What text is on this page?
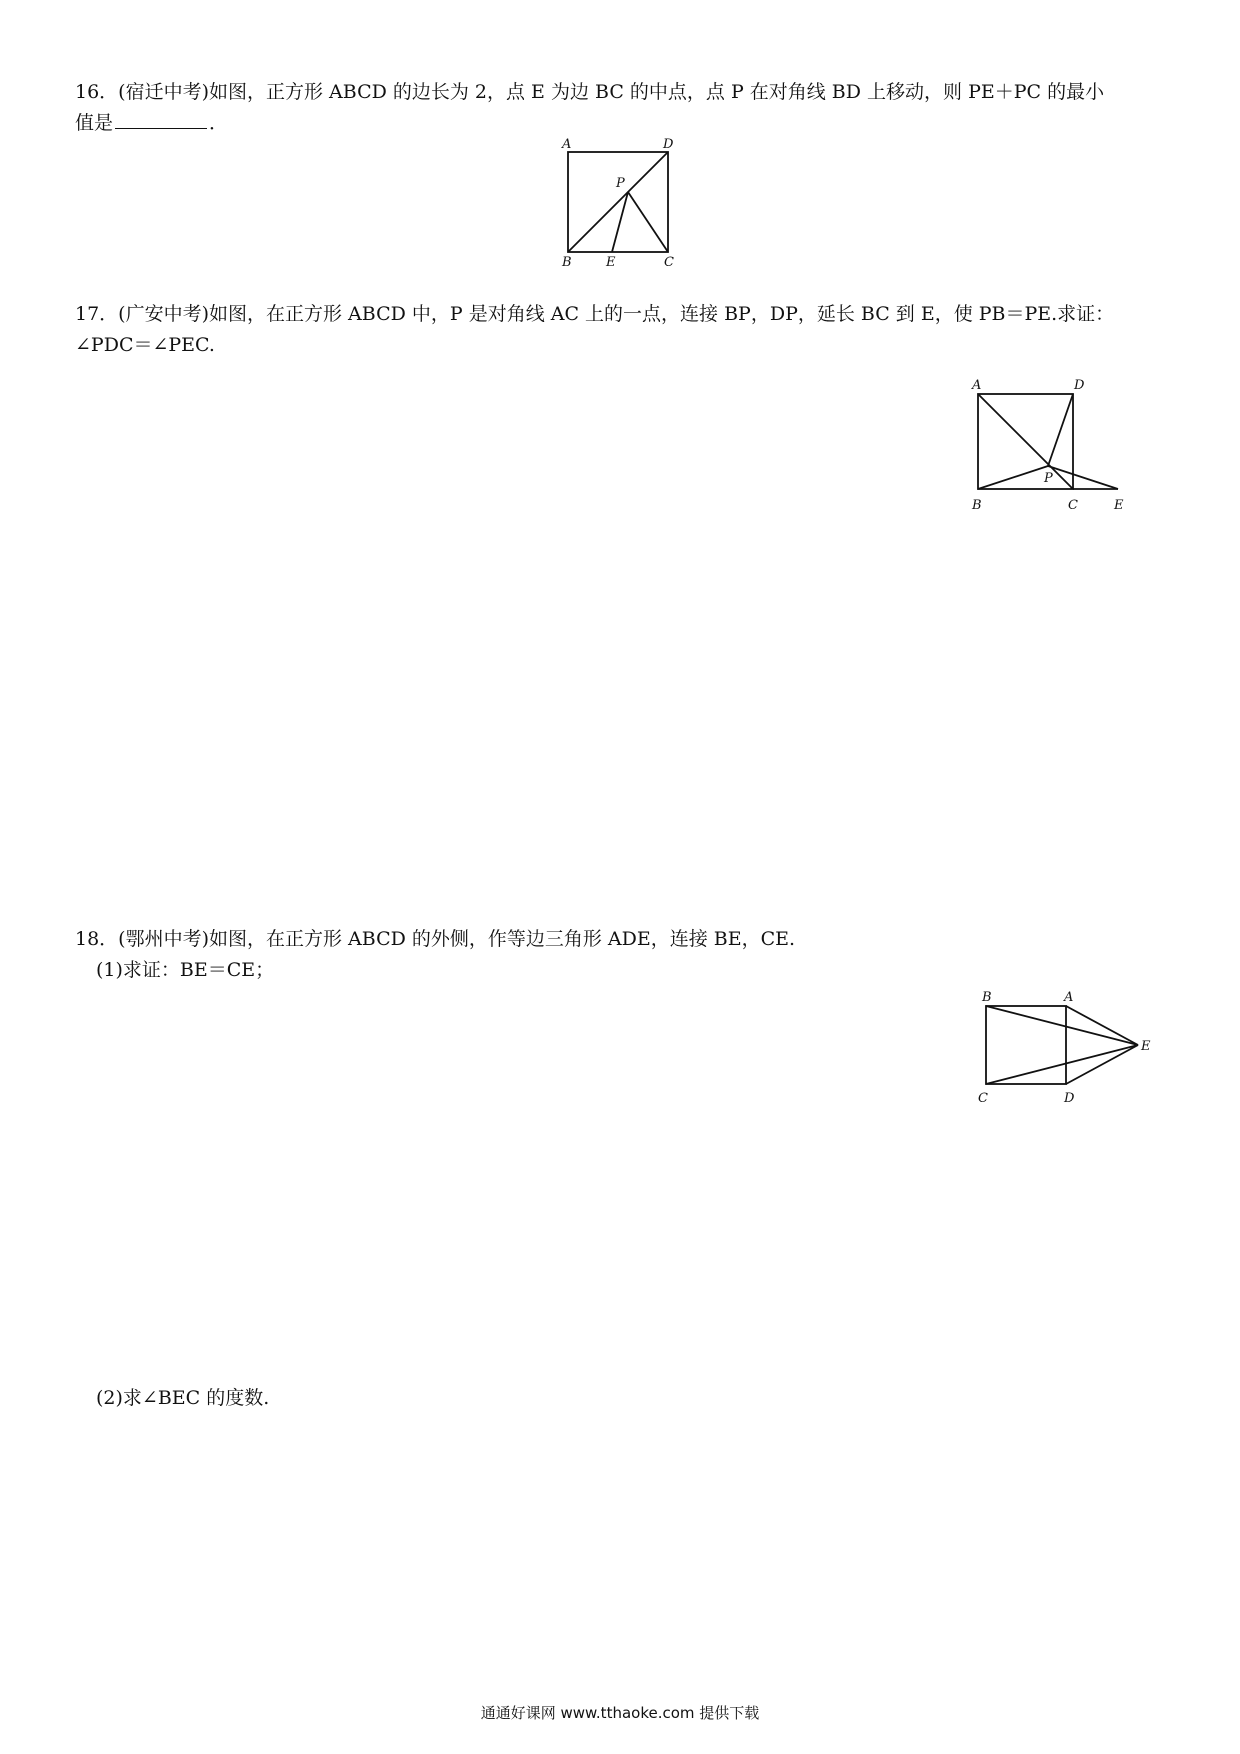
16．(宿迁中考)如图，正方形 ABCD 的边长为 2，点 E 为边 BC 的中点，点 P 在对角线 BD 上移动，则 PE＋PC 的最小
值是	．
A	D
P
B	E	C
17．(广安中考)如图，在正方形 ABCD 中，P 是对角线 AC 上的一点，连接 BP，DP，延长 BC 到 E，使 PB＝PE.求证：
∠PDC＝∠PEC.
A	D
P
B	C	E
18．(鄂州中考)如图，在正方形 ABCD 的外侧，作等边三角形 ADE，连接 BE，CE.
(1)求证：BE＝CE；
B	A
E
C	D
(2)求∠BEC 的度数.
通通好课网 www.tthaoke.com 提供下载
